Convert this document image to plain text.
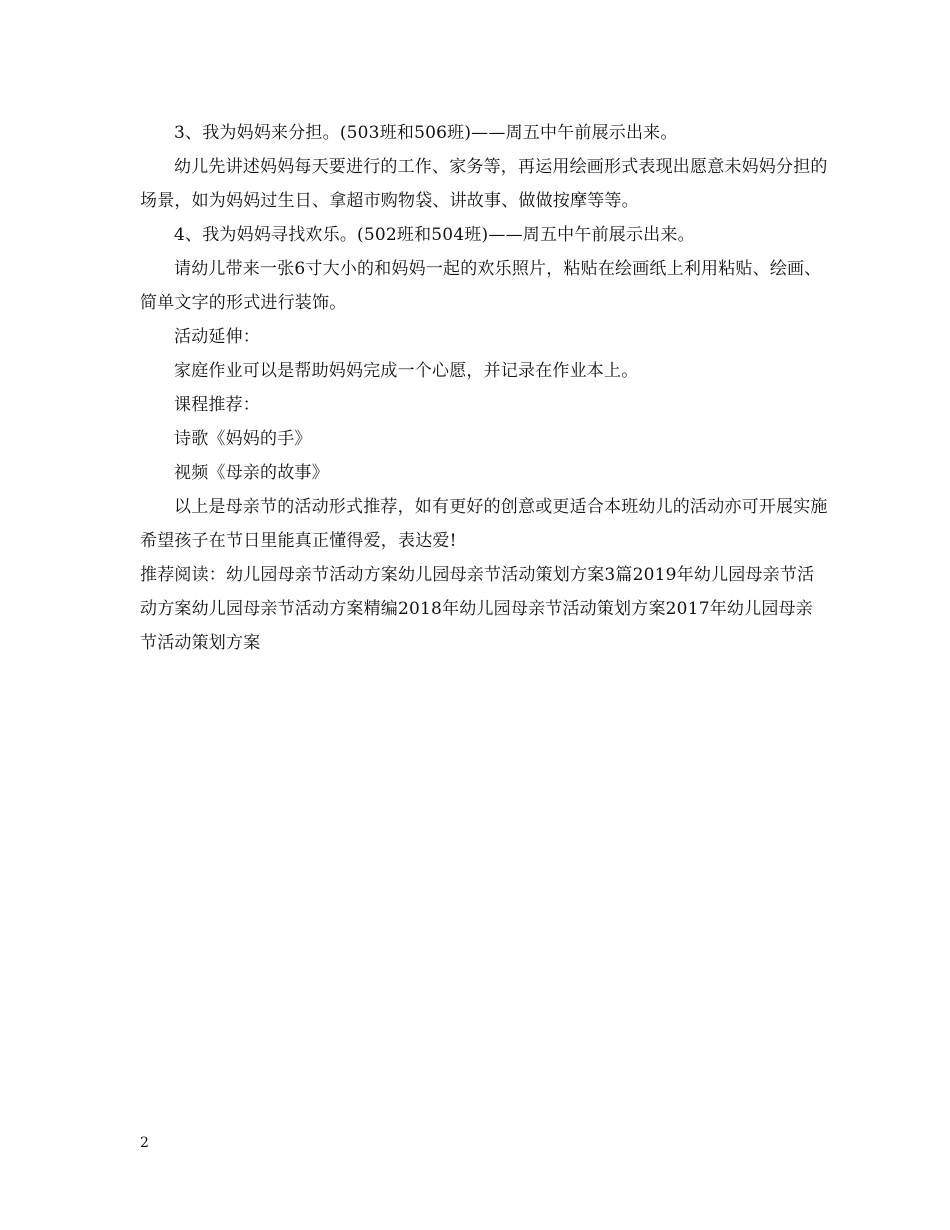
3、我为妈妈来分担。(503班和506班)——周五中午前展示出来。

幼儿先讲述妈妈每天要进行的工作、家务等，再运用绘画形式表现出愿意未妈妈分担的场景，如为妈妈过生日、拿超市购物袋、讲故事、做做按摩等等。

4、我为妈妈寻找欢乐。(502班和504班)——周五中午前展示出来。

请幼儿带来一张6寸大小的和妈妈一起的欢乐照片，粘贴在绘画纸上利用粘贴、绘画、简单文字的形式进行装饰。

活动延伸：

家庭作业可以是帮助妈妈完成一个心愿，并记录在作业本上。

课程推荐：

诗歌《妈妈的手》

视频《母亲的故事》

以上是母亲节的活动形式推荐，如有更好的创意或更适合本班幼儿的活动亦可开展实施希望孩子在节日里能真正懂得爱，表达爱!

推荐阅读：幼儿园母亲节活动方案幼儿园母亲节活动策划方案3篇2019年幼儿园母亲节活动方案幼儿园母亲节活动方案精编2018年幼儿园母亲节活动策划方案2017年幼儿园母亲节活动策划方案

2
